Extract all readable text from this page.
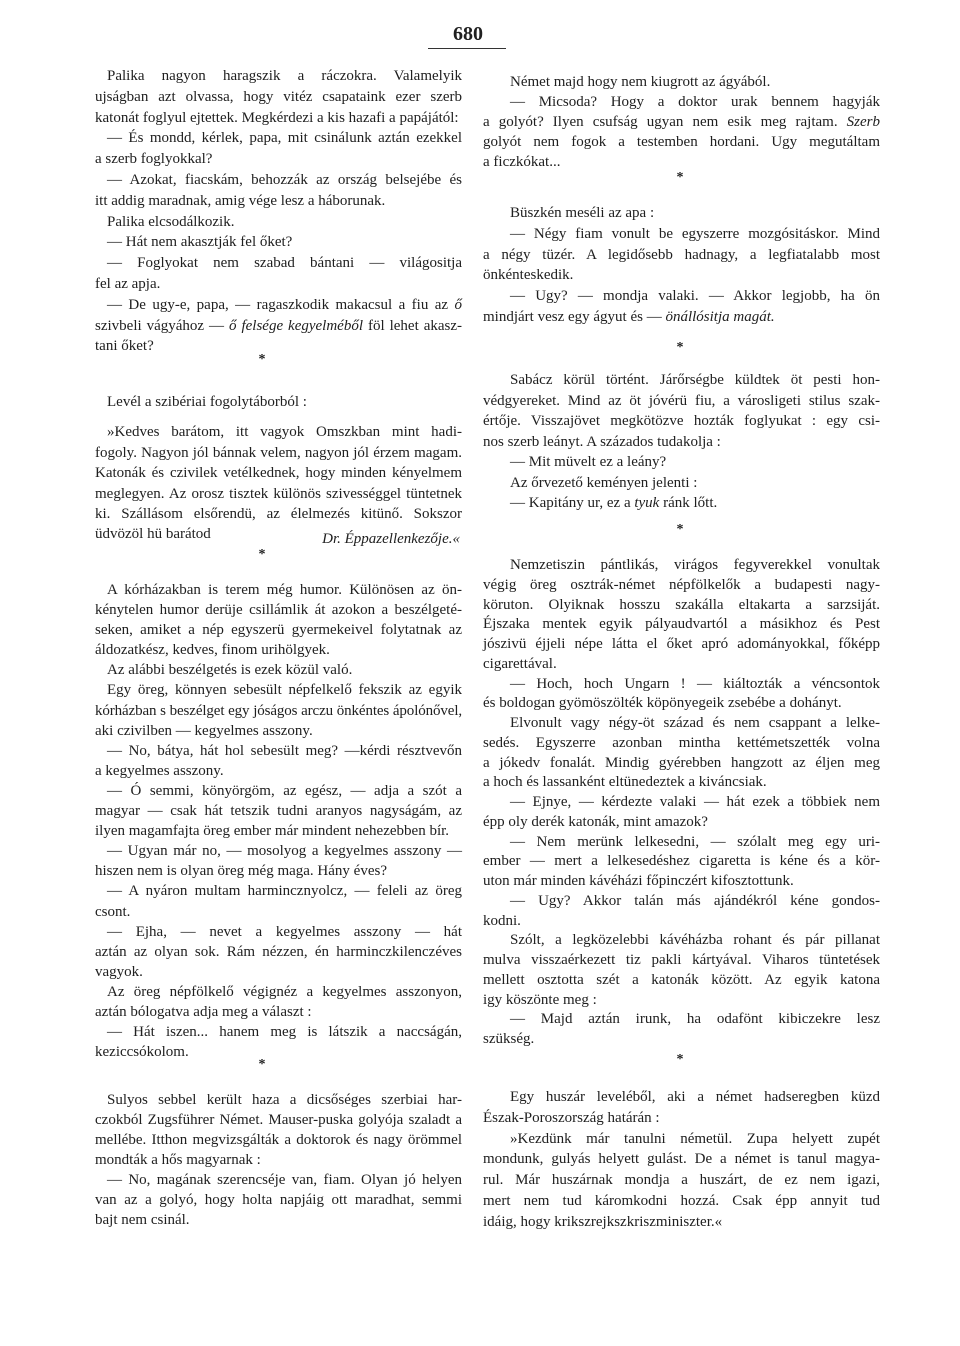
680
Palika nagyon haragszik a ráczokra. Valamelyik
ujságban azt olvassa, hogy vitéz csapataink ezer szerb
katonát foglyul ejtettek. Megkérdezi a kis hazafi a papájától:
— És mondd, kérlek, papa, mit csinálunk aztán ezekkel
a szerb foglyokkal?
— Azokat, fiacskám, behozzák az ország belsejébe és
itt addig maradnak, amig vége lesz a háborunak.
Palika elcsodálkozik.
— Hát nem akasztják fel őket?
— Foglyokat nem szabad bántani — világositja
fel az apja.
— De ugy-e, papa, — ragaszkodik makacsul a fiu az ő
szivbeli vágyához — ő felsége kegyelméből föl lehet akasz-
tani őket?
*
Levél a szibériai fogolytáborból :
»Kedves barátom, itt vagyok Omszkban mint hadi-
fogoly. Nagyon jól bánnak velem, nagyon jól érzem magam.
Katonák és czivilek vetélkednek, hogy minden kényelmem
meglegyen. Az orosz tisztek különös szivességgel tüntetnek
ki. Szállásom elsőrendü, az élelmezés kitünő. Sokszor
üdvözöl hü barátod	Dr. Éppazellenkezője.«
*
A kórházakban is terem még humor. Különösen az ön-
kénytelen humor derüje csillámlik át azokon a beszélgeté-
seken, amiket a nép egyszerü gyermekeivel folytatnak az
áldozatkész, kedves, finom urihölgyek.
Az alábbi beszélgetés is ezek közül való.
Egy öreg, könnyen sebesült népfelkelő fekszik az egyik
kórházban s beszélget egy jóságos arczu önkéntes ápolónővel,
aki czivilben — kegyelmes asszony.
— No, bátya, hát hol sebesült meg? —kérdi résztvevőn
a kegyelmes asszony.
— Ó semmi, könyörgöm, az egész, — adja a szót a
magyar — csak hát tetszik tudni aranyos nagyságám, az
ilyen magamfajta öreg ember már mindent nehezebben bír.
— Ugyan már no, — mosolyog a kegyelmes asszony —
hiszen nem is olyan öreg még maga. Hány éves?
— A nyáron multam harmincznyolcz, — feleli az öreg
csont.
— Ejha, — nevet a kegyelmes asszony — hát
aztán az olyan sok. Rám nézzen, én harminczkilenczéves
vagyok.
Az öreg népfölkelő végignéz a kegyelmes asszonyon,
aztán bólogatva adja meg a választ :
— Hát iszen... hanem meg is látszik a naccságán,
keziccsókolom.
*
Sulyos sebbel került haza a dicsőséges szerbiai har-
czokból Zugsführer Német. Mauser-puska golyója szaladt a
mellébe. Itthon megvizsgálták a doktorok és nagy örömmel
mondták a hős magyarnak :
— No, magának szerencséje van, fiam. Olyan jó helyen
van az a golyó, hogy holta napjáig ott maradhat, semmi
bajt nem csinál.
Német majd hogy nem kiugrott az ágyából.
— Micsoda? Hogy a doktor urak bennem hagyják
a golyót? Ilyen csufság ugyan nem esik meg rajtam. Szerb
golyót nem fogok a testemben hordani. Ugy megutáltam
a ficzkókat...
*
Büszkén meséli az apa :
— Négy fiam vonult be egyszerre mozgósitáskor. Mind
a négy tüzér. A legidősebb hadnagy, a legfiatalabb most
önkénteskedik.
— Ugy? — mondja valaki. — Akkor legjobb, ha ön
mindjárt vesz egy ágyut és — önállósitja magát.
*
Sabácz körül történt. Járőrségbe küldtek öt pesti hon-
védgyereket. Mind az öt jóvérü fiu, a városligeti stilus szak-
értője. Visszajövet megkötözve hozták foglyukat : egy csi-
nos szerb leányt. A százados tudakolja :
— Mit müvelt ez a leány?
Az őrvezető keményen jelenti :
— Kapitány ur, ez a tyuk ránk lőtt.
*
Nemzetiszin pántlikás, virágos fegyverekkel vonultak
végig öreg osztrák-német népfölkelők a budapesti nagy-
köruton. Olyiknak hosszu szakálla eltakarta a sarzsiját.
Éjszaka mentek egyik pályaudvartól a másikhoz és Pest
jószivü éjjeli népe látta el őket apró adományokkal, főképp
cigarettával.
— Hoch, hoch Ungarn ! — kiáltozták a véncsontok
és boldogan gyömöszölték köpönyegeik zsebébe a dohányt.
Elvonult vagy négy-öt század és nem csappant a lelke-
sedés. Egyszerre azonban mintha kettémetszették volna
a jókedv fonalát. Mindig gyérebben hangzott az éljen meg
a hoch és lassanként eltünedeztek a kiváncsiak.
— Ejnye, — kérdezte valaki — hát ezek a többiek nem
épp oly derék katonák, mint amazok?
— Nem merünk lelkesedni, — szólalt meg egy uri-
ember — mert a lelkesedéshez cigaretta is kéne és a kör-
uton már minden kávéházi főpinczért kifosztottunk.
— Ugy? Akkor talán más ajándékról kéne gondos-
kodni.
Szólt, a legközelebbi kávéházba rohant és pár pillanat
mulva visszaérkezett tiz pakli kártyával. Viharos tüntetések
mellett osztotta szét a katonák között. Az egyik katona
igy köszönte meg :
— Majd aztán irunk, ha odafönt kibiczekre lesz
szükség.
*
Egy huszár leveléből, aki a német hadseregben küzd
Észak-Poroszország határán :
»Kezdünk már tanulni németül. Zupa helyett zupét
mondunk, gulyás helyett gulást. De a német is tanul magya-
rul. Már huszárnak mondja a huszárt, de ez nem igazi,
mert nem tud káromkodni hozzá. Csak épp annyit tud
idáig, hogy krikszrejkszkriszminiszter.«
